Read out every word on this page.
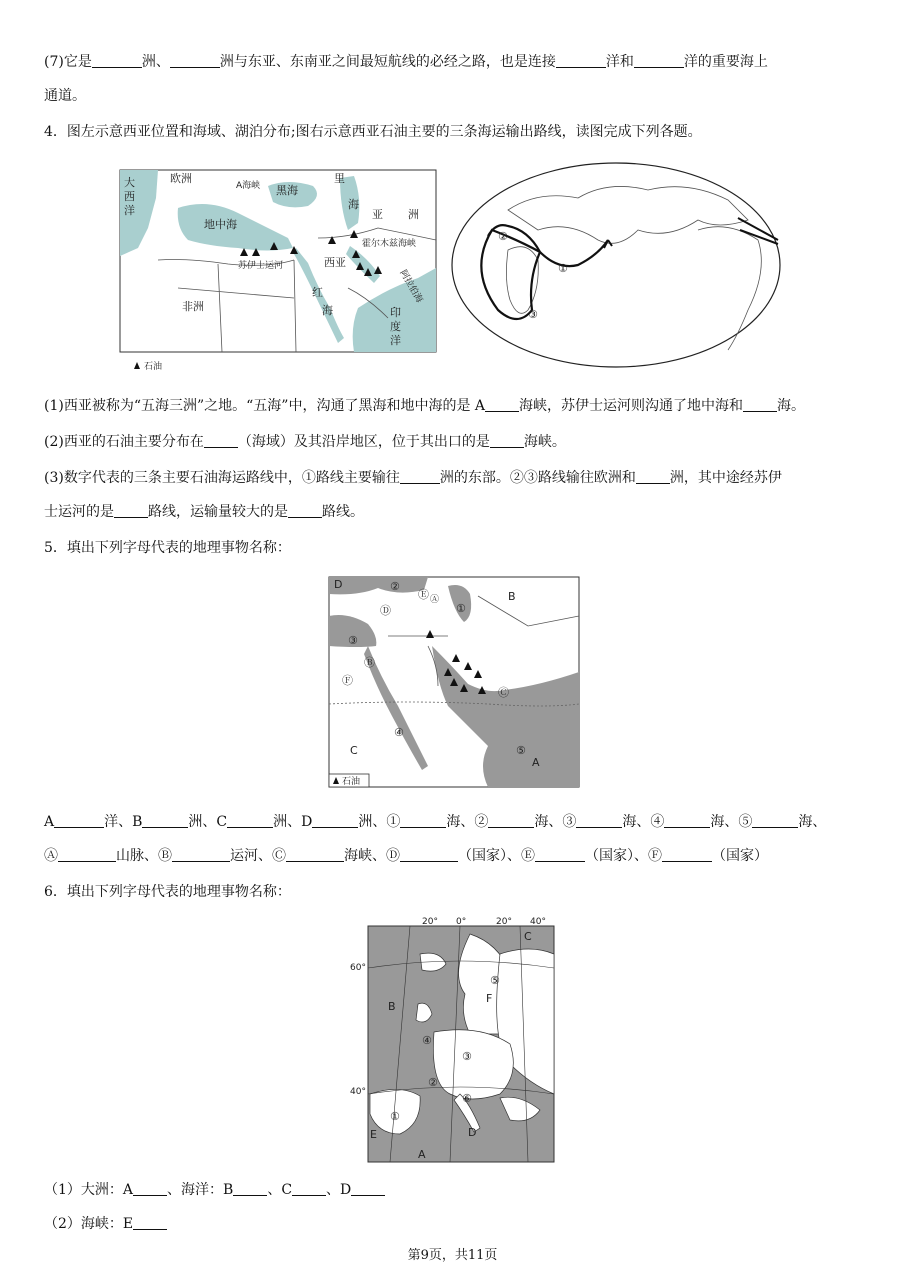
(7)它是	洲、	洲与东亚、东南亚之间最短航线的必经之路，也是连接	洋和	洋的重要海上
通道。
4．图左示意西亚位置和海域、湖泊分布;图右示意西亚石油主要的三条海运输出路线，读图完成下列各题。
大
西
洋
欧洲
A海峡 黑海
里
海
亚 洲
地中海
霍尔木兹海峡
苏伊士运河	西亚
阿拉伯海
红
海
非洲	印
度
洋
石油
②
①
③
(1)西亚被称为“五海三洲”之地。“五海”中，沟通了黑海和地中海的是 A 海峡，苏伊士运河则沟通了地中海和 海。
(2)西亚的石油主要分布在 （海域）及其沿岸地区，位于其出口的是 海峡。
(3)数字代表的三条主要石油海运路线中，①路线主要输往	洲的东部。②③路线输往欧洲和 洲，其中途经苏伊
士运河的是 路线，运输量较大的是 路线。
5．填出下列字母代表的地理事物名称：
D	②
Ⓔ Ⓐ
①
B
Ⓓ
③
Ⓑ
Ⓕ
Ⓒ
C
④
⑤
A
石油
A	洋、B	洲、C	洲、D	洲、①	海、②	海、③	海、④	海、⑤	海、
Ⓐ	山脉、Ⓑ	运河、Ⓒ	海峡、Ⓓ	（国家）、Ⓔ	（国家）、Ⓕ	（国家）
6．填出下列字母代表的地理事物名称：
20° 0°	20° 40°
60°
40°
C
B
F
⑤
④
③
②
⑥
①
E	D
A
（1）大洲：A 、海洋：B 、C 、D
（2）海峡：E
第9页，共11页
